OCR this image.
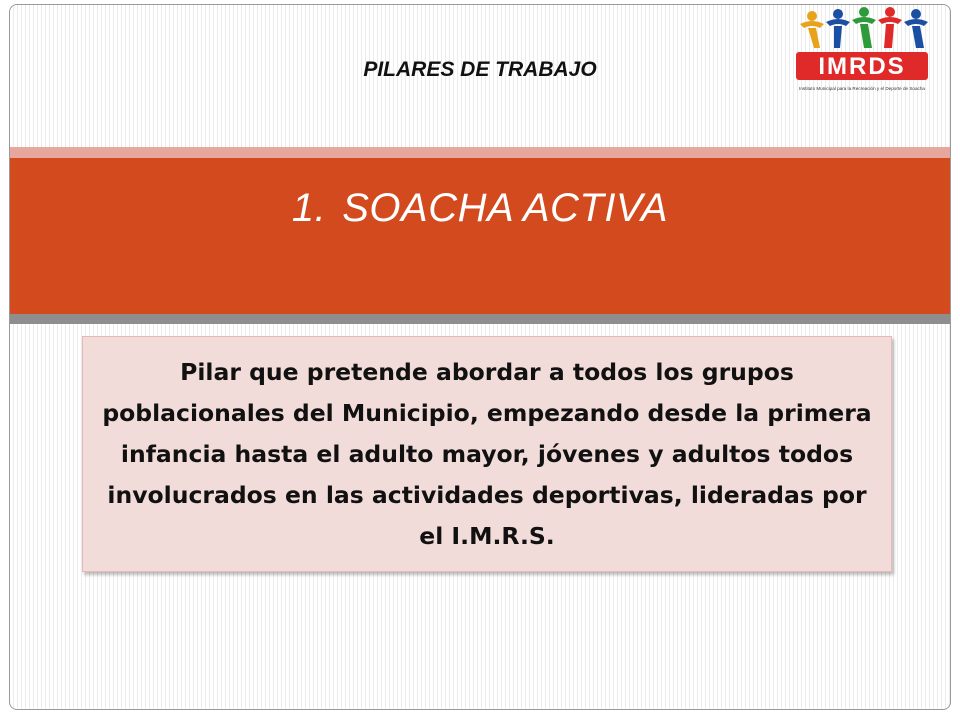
PILARES DE TRABAJO	IMRDS
Instituto Municipal para la Recreación y el Deporte de Soacha
1. SOACHA ACTIVA

Pilar que pretende abordar a todos los grupos poblacionales del Municipio, empezando desde la primera infancia hasta el adulto mayor, jóvenes y adultos todos involucrados en las actividades deportivas, lideradas por el I.M.R.S.
